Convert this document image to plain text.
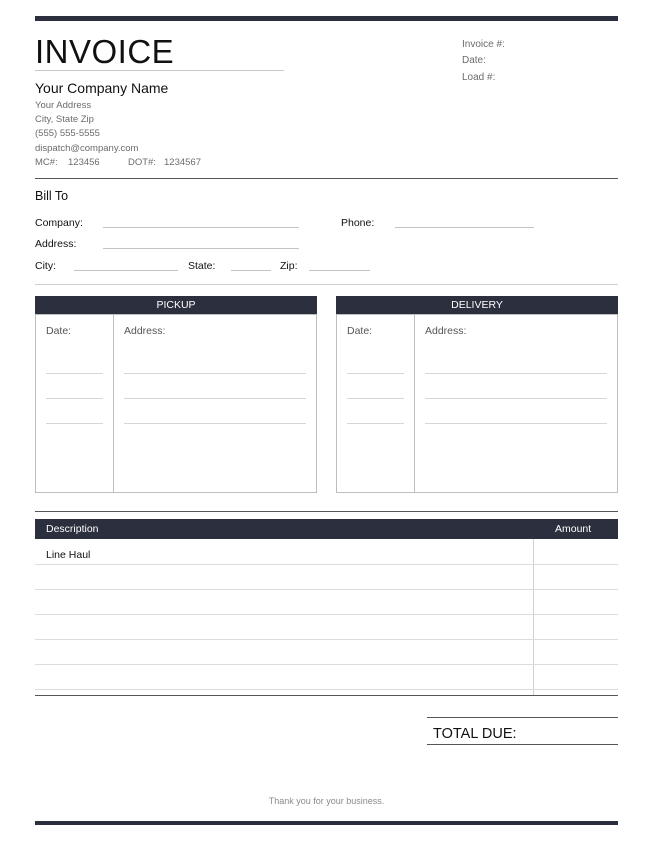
INVOICE
Your Company Name
Your Address
City, State Zip
(555) 555-5555
dispatch@company.com
MC#: 123456	DOT#: 1234567
Invoice #:
Date:
Load #:
Bill To
Company:	Phone:
Address:
City:	State:	Zip:
PICKUP
Date:	Address:
DELIVERY
Date:	Address:
Description	Amount
Line Haul
TOTAL DUE:
Thank you for your business.
